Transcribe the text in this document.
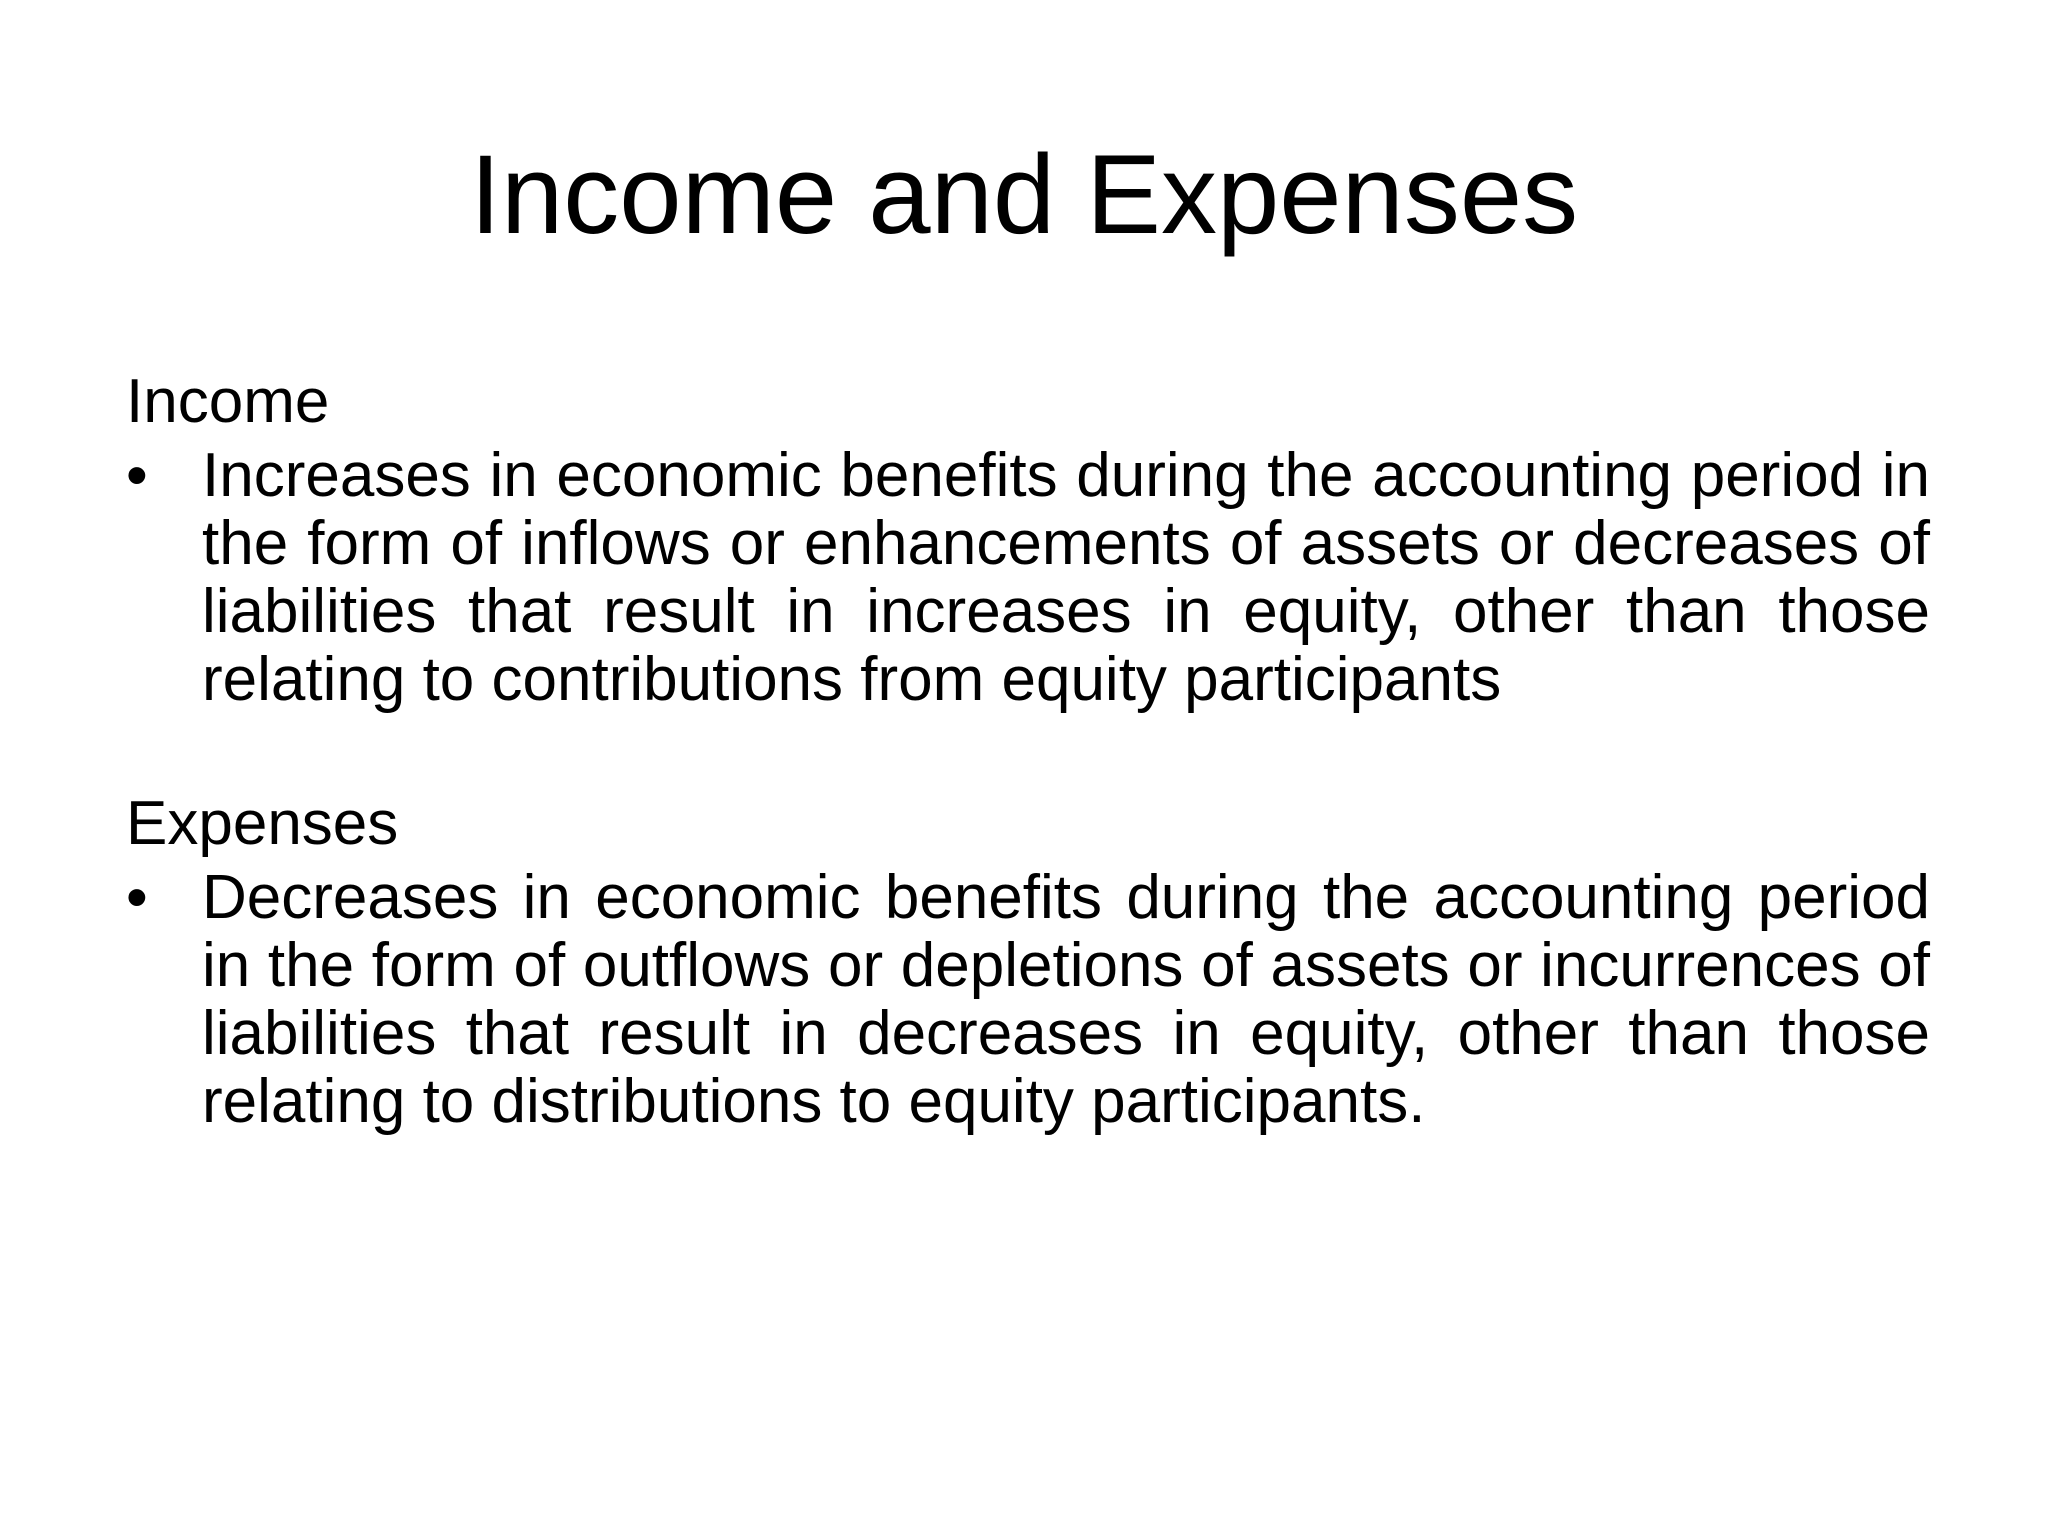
Income and Expenses

Income

• Increases in economic benefits during the accounting period in the form of inflows or enhancements of assets or decreases of liabilities that result in increases in equity, other than those relating to contributions from equity participants

Expenses

• Decreases in economic benefits during the accounting period in the form of outflows or depletions of assets or incurrences of liabilities that result in decreases in equity, other than those relating to distributions to equity participants.
